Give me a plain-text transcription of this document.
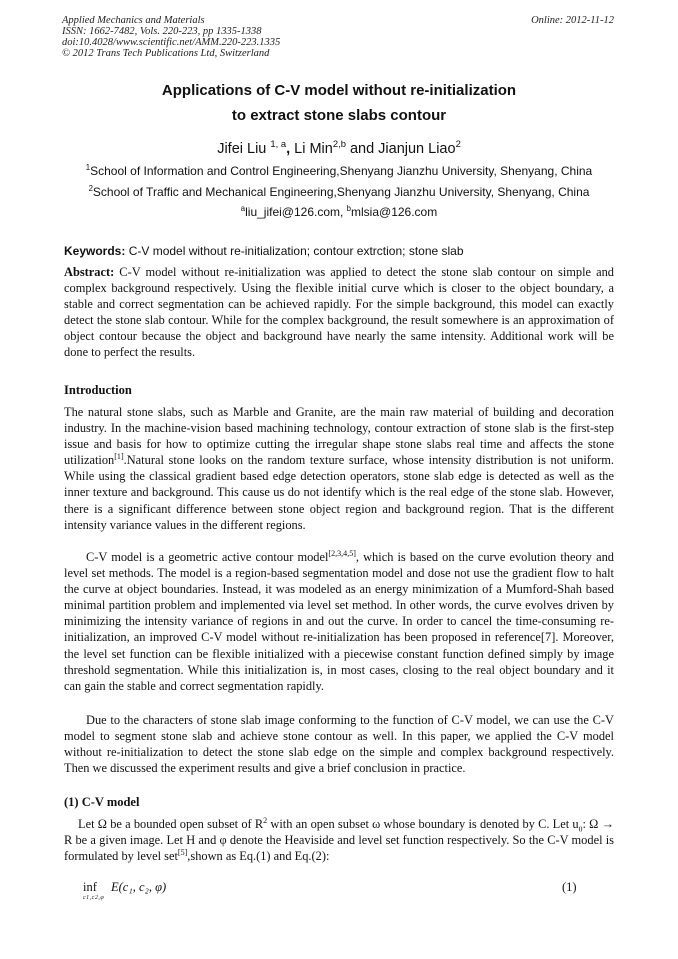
Applied Mechanics and Materials
ISSN: 1662-7482, Vols. 220-223, pp 1335-1338
doi:10.4028/www.scientific.net/AMM.220-223.1335
© 2012 Trans Tech Publications Ltd, Switzerland
Online: 2012-11-12
Applications of C-V model without re-initialization
to extract stone slabs contour
Jifei Liu $^{1, a}$, Li Min$^{2,b}$ and Jianjun Liao$^2$
$^1$School of Information and Control Engineering,Shenyang Jianzhu University, Shenyang, China
$^2$School of Traffic and Mechanical Engineering,Shenyang Jianzhu University, Shenyang, China
$^a$liu_jifei@126.com, $^b$mlsia@126.com
Keywords: C-V model without re-initialization; contour extrction; stone slab
Abstract: C-V model without re-initialization was applied to detect the stone slab contour on simple and complex background respectively. Using the flexible initial curve which is closer to the object boundary, a stable and correct segmentation can be achieved rapidly. For the simple background, this model can exactly detect the stone slab contour. While for the complex background, the result somewhere is an approximation of object contour because the object and background have nearly the same intensity. Additional work will be done to perfect the results.
Introduction
The natural stone slabs, such as Marble and Granite, are the main raw material of building and decoration industry. In the machine-vision based machining technology, contour extraction of stone slab is the first-step issue and basis for how to optimize cutting the irregular shape stone slabs real time and affects the stone utilization[1].Natural stone looks on the random texture surface, whose intensity distribution is not uniform. While using the classical gradient based edge detection operators, stone slab edge is detected as well as the inner texture and background. This cause us do not identify which is the real edge of the stone slab. However, there is a significant difference between stone object region and background region. That is the different intensity variance values in the different regions.
C-V model is a geometric active contour model[2,3,4,5], which is based on the curve evolution theory and level set methods. The model is a region-based segmentation model and dose not use the gradient flow to halt the curve at object boundaries. Instead, it was modeled as an energy minimization of a Mumford-Shah based minimal partition problem and implemented via level set method. In other words, the curve evolves driven by minimizing the intensity variance of regions in and out the curve. In order to cancel the time-consuming re-initialization, an improved C-V model without re-initialization has been proposed in reference[7]. Moreover, the level set function can be flexible initialized with a piecewise constant function defined simply by image threshold segmentation. While this initialization is, in most cases, closing to the real object boundary and it can gain the stable and correct segmentation rapidly.
Due to the characters of stone slab image conforming to the function of C-V model, we can use the C-V model to segment stone slab and achieve stone contour as well. In this paper, we applied the C-V model without re-initialization to detect the stone slab edge on the simple and complex background respectively. Then we discussed the experiment results and give a brief conclusion in practice.
(1) C-V model
Let Ω be a bounded open subset of $R^2$ with an open subset ω whose boundary is denoted by C. Let $u_0$: Ω → R be a given image. Let H and φ denote the Heaviside and level set function respectively. So the C-V model is formulated by level set[5],shown as Eq.(1) and Eq.(2):
inf
c1,c2,φ
E(c₁, c₂, φ)	(1)
